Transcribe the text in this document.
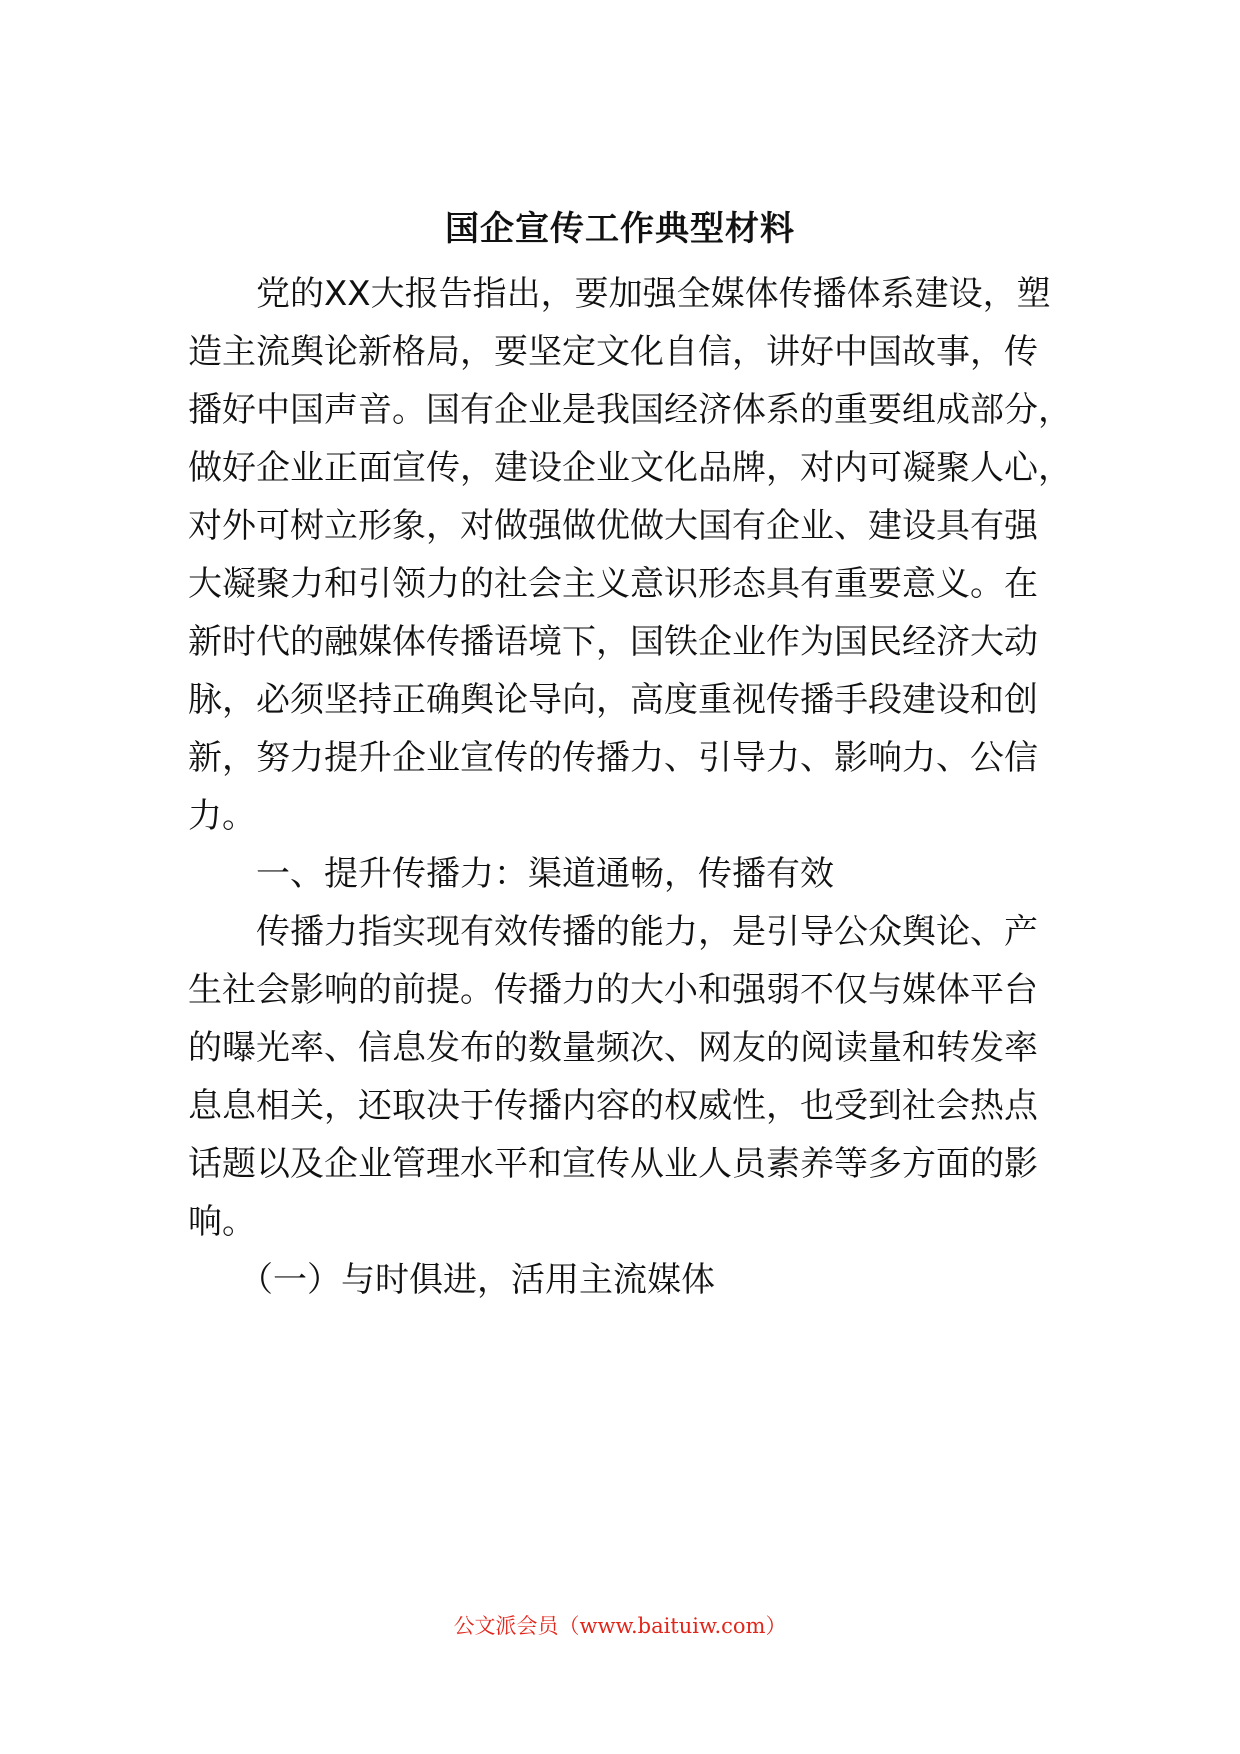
国企宣传工作典型材料
　　党的XX大报告指出，要加强全媒体传播体系建设，塑
造主流舆论新格局，要坚定文化自信，讲好中国故事，传
播好中国声音。国有企业是我国经济体系的重要组成部分，
做好企业正面宣传，建设企业文化品牌，对内可凝聚人心，
对外可树立形象，对做强做优做大国有企业、建设具有强
大凝聚力和引领力的社会主义意识形态具有重要意义。在
新时代的融媒体传播语境下，国铁企业作为国民经济大动
脉，必须坚持正确舆论导向，高度重视传播手段建设和创
新，努力提升企业宣传的传播力、引导力、影响力、公信
力。
　　一、提升传播力：渠道通畅，传播有效
　　传播力指实现有效传播的能力，是引导公众舆论、产
生社会影响的前提。传播力的大小和强弱不仅与媒体平台
的曝光率、信息发布的数量频次、网友的阅读量和转发率
息息相关，还取决于传播内容的权威性，也受到社会热点
话题以及企业管理水平和宣传从业人员素养等多方面的影
响。
　　（一）与时俱进，活用主流媒体
公文派会员（www.baituiw.com）
